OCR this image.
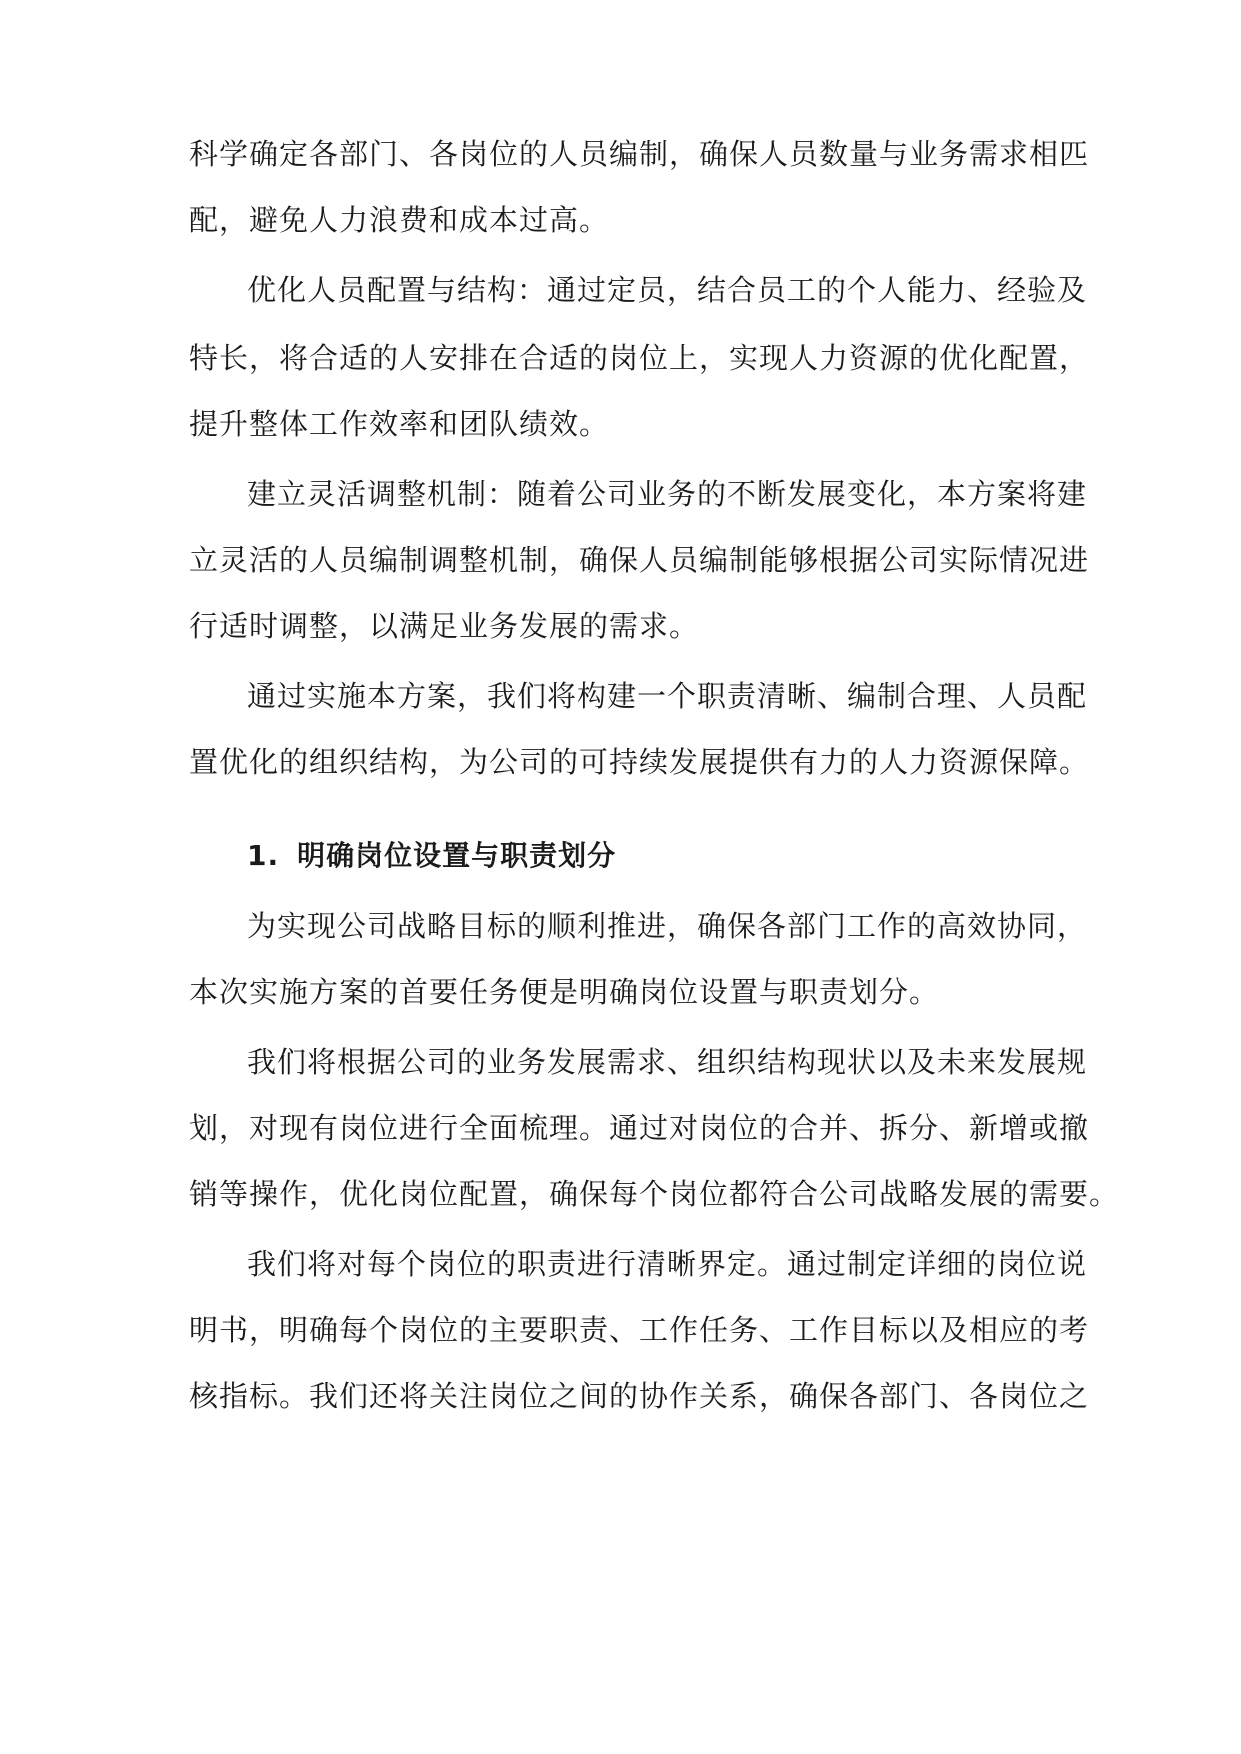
科学确定各部门、各岗位的人员编制，确保人员数量与业务需求相匹
配，避免人力浪费和成本过高。
优化人员配置与结构：通过定员，结合员工的个人能力、经验及
特长，将合适的人安排在合适的岗位上，实现人力资源的优化配置，
提升整体工作效率和团队绩效。
建立灵活调整机制：随着公司业务的不断发展变化，本方案将建
立灵活的人员编制调整机制，确保人员编制能够根据公司实际情况进
行适时调整，以满足业务发展的需求。
通过实施本方案，我们将构建一个职责清晰、编制合理、人员配
置优化的组织结构，为公司的可持续发展提供有力的人力资源保障。
1. 明确岗位设置与职责划分
为实现公司战略目标的顺利推进，确保各部门工作的高效协同，
本次实施方案的首要任务便是明确岗位设置与职责划分。
我们将根据公司的业务发展需求、组织结构现状以及未来发展规
划，对现有岗位进行全面梳理。通过对岗位的合并、拆分、新增或撤
销等操作，优化岗位配置，确保每个岗位都符合公司战略发展的需要。
我们将对每个岗位的职责进行清晰界定。通过制定详细的岗位说
明书，明确每个岗位的主要职责、工作任务、工作目标以及相应的考
核指标。我们还将关注岗位之间的协作关系，确保各部门、各岗位之
